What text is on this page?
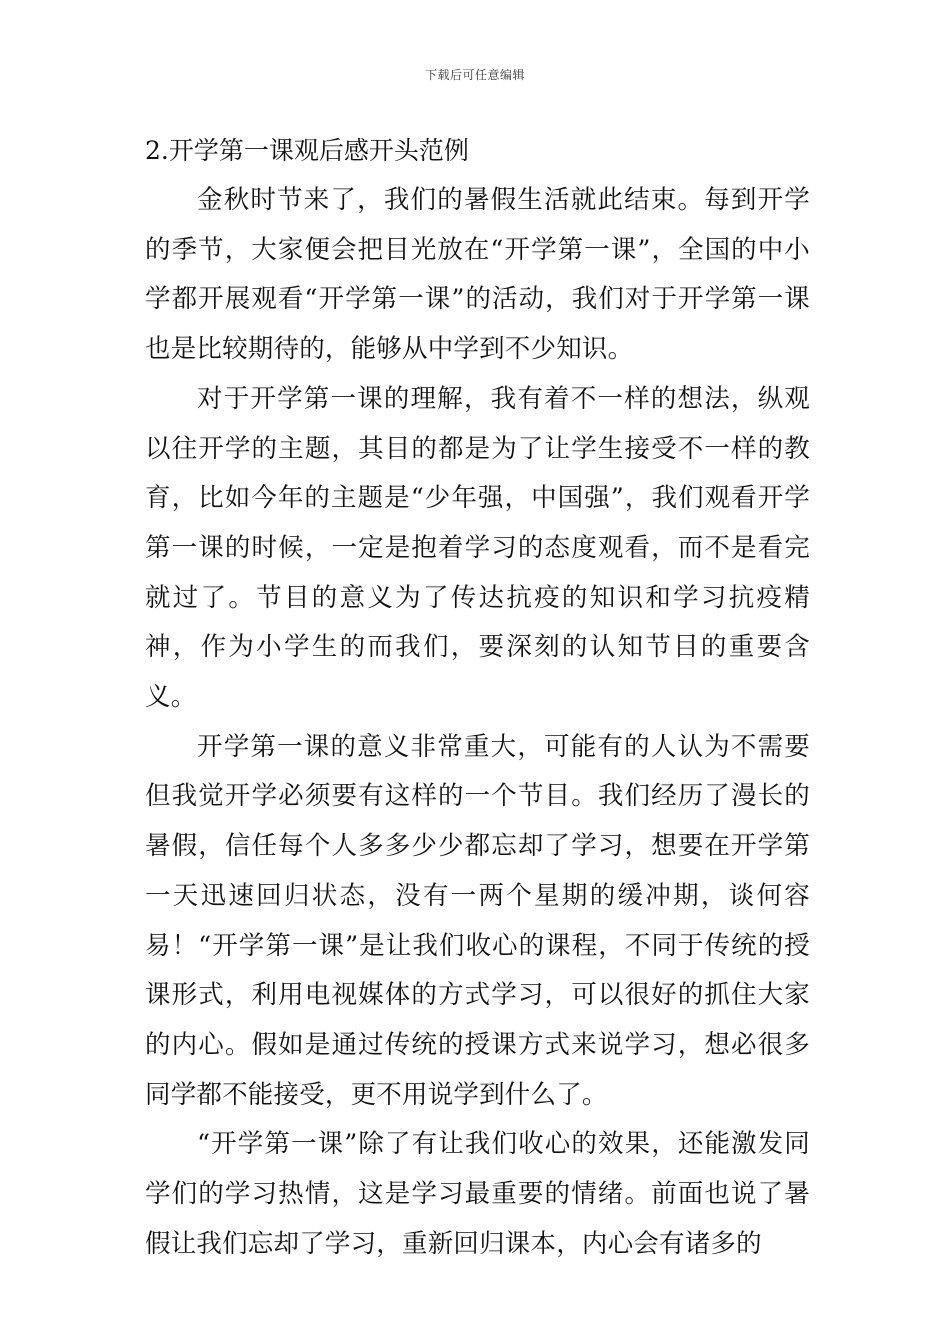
下载后可任意编辑
2.开学第一课观后感开头范例

金秋时节来了，我们的暑假生活就此结束。每到开学的季节，大家便会把目光放在“开学第一课”，全国的中小学都开展观看“开学第一课”的活动，我们对于开学第一课也是比较期待的，能够从中学到不少知识。

对于开学第一课的理解，我有着不一样的想法，纵观以往开学的主题，其目的都是为了让学生接受不一样的教育，比如今年的主题是“少年强，中国强”，我们观看开学第一课的时候，一定是抱着学习的态度观看，而不是看完就过了。节目的意义为了传达抗疫的知识和学习抗疫精神，作为小学生的而我们，要深刻的认知节目的重要含义。

开学第一课的意义非常重大，可能有的人认为不需要但我觉开学必须要有这样的一个节目。我们经历了漫长的暑假，信任每个人多多少少都忘却了学习，想要在开学第一天迅速回归状态，没有一两个星期的缓冲期，谈何容易！“开学第一课”是让我们收心的课程，不同于传统的授课形式，利用电视媒体的方式学习，可以很好的抓住大家的内心。假如是通过传统的授课方式来说学习，想必很多同学都不能接受，更不用说学到什么了。

“开学第一课”除了有让我们收心的效果，还能激发同学们的学习热情，这是学习最重要的情绪。前面也说了暑假让我们忘却了学习，重新回归课本，内心会有诸多的
